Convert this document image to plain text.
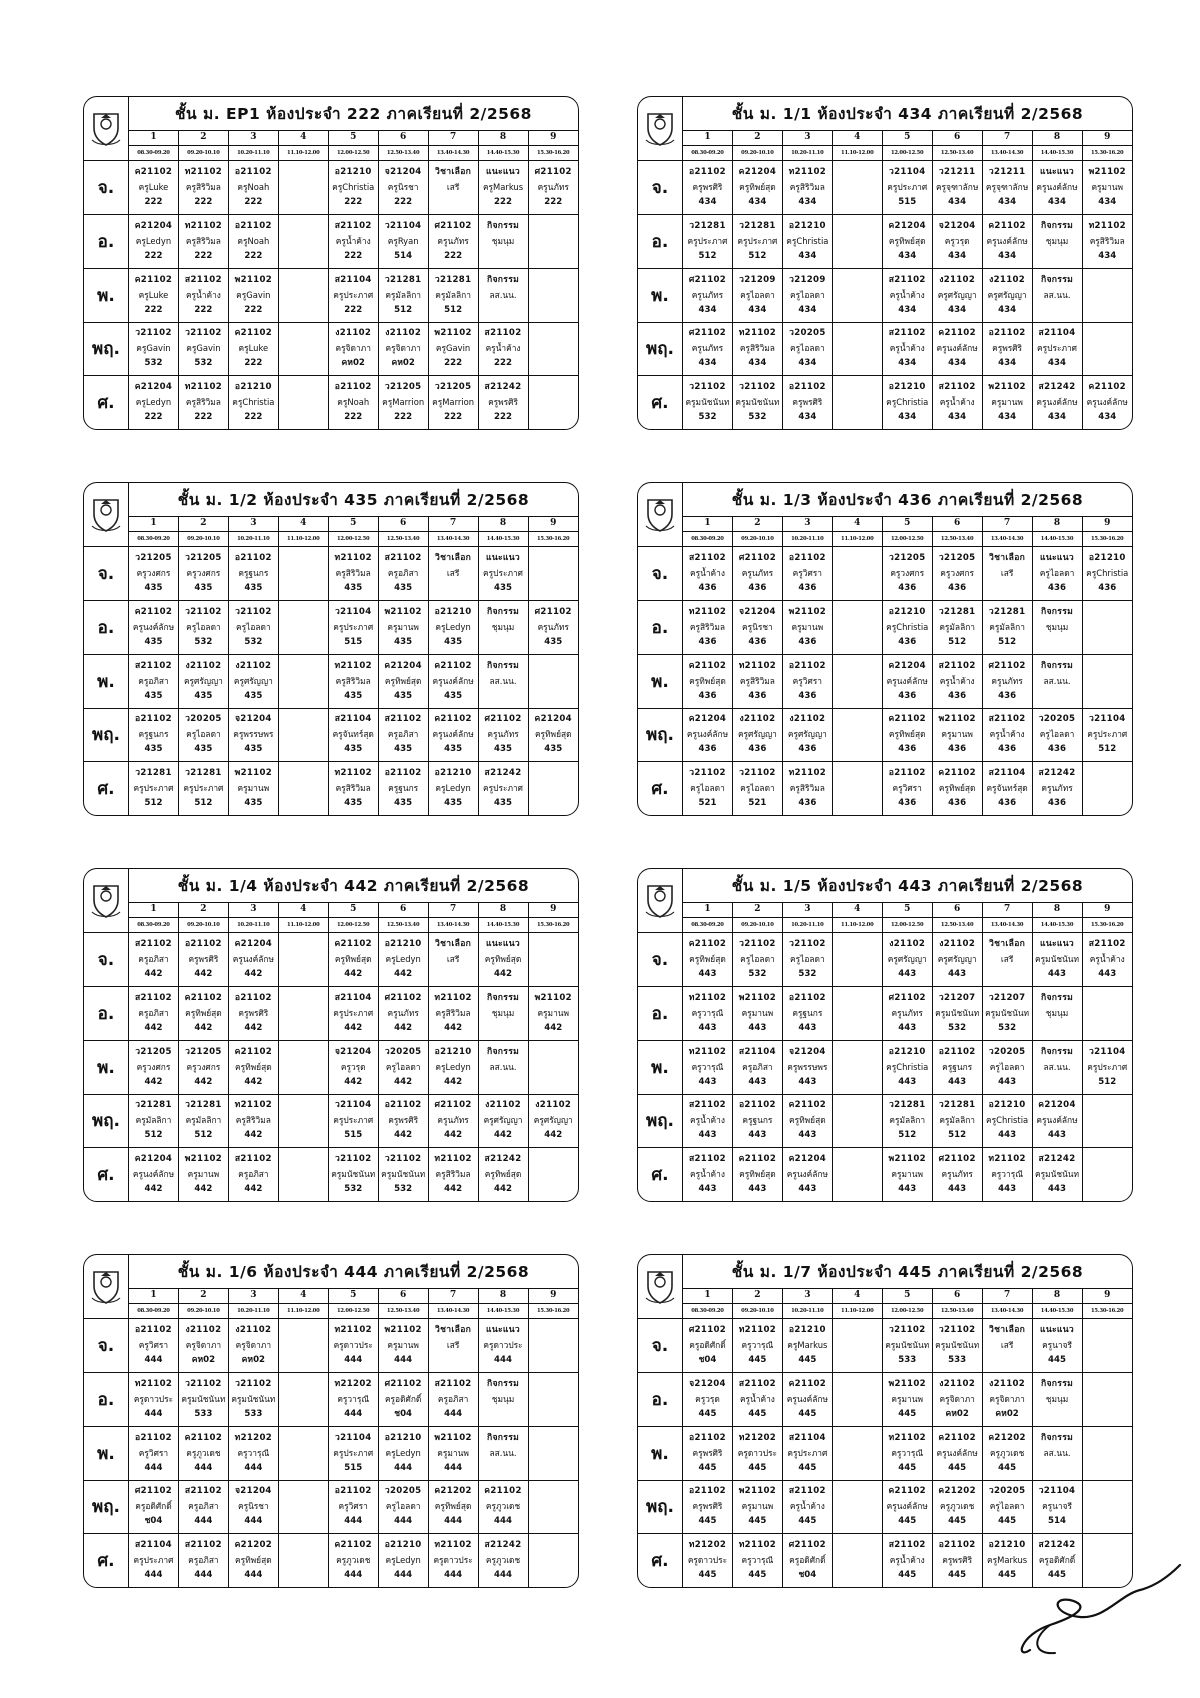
	ชั้น ม. EP1 ห้องประจำ 222 ภาคเรียนที่ 2/2568								
	1	2	3	4	5	6	7	8	9
	08.30-09.20	09.20-10.10	10.20-11.10	11.10-12.00	12.00-12.50	12.50-13.40	13.40-14.30	14.40-15.30	15.30-16.20
จ.	ค21102
ครูLuke
222	ท21102
ครูสิริวิมล
222	อ21102
ครูNoah
222		อ21210
ครูChristia
222	จ21204
ครูนิรชา
222	วิชาเลือก
เสรี	แนะแนว
ครูMarkus
222	ศ21102
ครูนภัทร
222

อ.	ค21204
ครูLedyn
222	ท21102
ครูสิริวิมล
222	อ21102
ครูNoah
222		ส21102
ครูน้ำค้าง
222	ว21104
ครูRyan
514	ศ21102
ครูนภัทร
222	กิจกรรม
ชุมนุม	

พ.	ค21102
ครูLuke
222	ส21102
ครูน้ำค้าง
222	พ21102
ครูGavin
222		ส21104
ครูประภาศ
222	ว21281
ครูมัลลิกา
512	ว21281
ครูมัลลิกา
512	กิจกรรม
ลส.นน.	

พฤ.	ว21102
ครูGavin
532	ว21102
ครูGavin
532	ค21102
ครูLuke
222		ง21102
ครูจิดาภา
คห02	ง21102
ครูจิดาภา
คห02	พ21102
ครูGavin
222	ส21102
ครูน้ำค้าง
222	

ศ.	ค21204
ครูLedyn
222	ท21102
ครูสิริวิมล
222	อ21210
ครูChristia
222		อ21102
ครูNoah
222	ว21205
ครูMarrion
222	ว21205
ครูMarrion
222	ส21242
ครูพรศิริ
222	

	ชั้น ม. 1/1 ห้องประจำ 434 ภาคเรียนที่ 2/2568								
	1	2	3	4	5	6	7	8	9
	08.30-09.20	09.20-10.10	10.20-11.10	11.10-12.00	12.00-12.50	12.50-13.40	13.40-14.30	14.40-15.30	15.30-16.20
จ.	อ21102
ครูพรศิริ
434	ค21204
ครูทิพย์สุด
434	ท21102
ครูสิริวิมล
434		ว21104
ครูประภาศ
515	ว21211
ครูจุฑาลักษ
434	ว21211
ครูจุฑาลักษ
434	แนะแนว
ครูนงค์ลักษ
434	พ21102
ครูมานพ
434

อ.	ว21281
ครูประภาศ
512	ว21281
ครูประภาศ
512	อ21210
ครูChristia
434		ค21204
ครูทิพย์สุด
434	จ21204
ครูวรุด
434	ค21102
ครูนงค์ลักษ
434	กิจกรรม
ชุมนุม	ท21102
ครูสิริวิมล
434

พ.	ศ21102
ครูนภัทร
434	ว21209
ครูไอลดา
434	ว21209
ครูไอลดา
434		ส21102
ครูน้ำค้าง
434	ง21102
ครูศรัญญา
434	ง21102
ครูศรัญญา
434	กิจกรรม
ลส.นน.	

พฤ.	ศ21102
ครูนภัทร
434	ท21102
ครูสิริวิมล
434	ว20205
ครูไอลดา
434		ส21102
ครูน้ำค้าง
434	ค21102
ครูนงค์ลักษ
434	อ21102
ครูพรศิริ
434	ส21104
ครูประภาศ
434	

ศ.	ว21102
ครูมนัชนันท
532	ว21102
ครูมนัชนันท
532	อ21102
ครูพรศิริ
434		อ21210
ครูChristia
434	ส21102
ครูน้ำค้าง
434	พ21102
ครูมานพ
434	ส21242
ครูนงค์ลักษ
434	ค21102
ครูนงค์ลักษ
434
	ชั้น ม. 1/2 ห้องประจำ 435 ภาคเรียนที่ 2/2568								
	1	2	3	4	5	6	7	8	9
	08.30-09.20	09.20-10.10	10.20-11.10	11.10-12.00	12.00-12.50	12.50-13.40	13.40-14.30	14.40-15.30	15.30-16.20
จ.	ว21205
ครูวงศกร
435	ว21205
ครูวงศกร
435	อ21102
ครูฐนกร
435		ท21102
ครูสิริวิมล
435	ส21102
ครูอภิสา
435	วิชาเลือก
เสรี	แนะแนว
ครูประภาศ
435	

อ.	ค21102
ครูนงค์ลักษ
435	ว21102
ครูไอลดา
532	ว21102
ครูไอลดา
532		ว21104
ครูประภาศ
515	พ21102
ครูมานพ
435	อ21210
ครูLedyn
435	กิจกรรม
ชุมนุม	ศ21102
ครูนภัทร
435

พ.	ส21102
ครูอภิสา
435	ง21102
ครูศรัญญา
435	ง21102
ครูศรัญญา
435		ท21102
ครูสิริวิมล
435	ค21204
ครูทิพย์สุด
435	ค21102
ครูนงค์ลักษ
435	กิจกรรม
ลส.นน.	

พฤ.	อ21102
ครูฐนกร
435	ว20205
ครูไอลดา
435	จ21204
ครูพรรษพร
435		ส21104
ครูจันทร์สุด
435	ส21102
ครูอภิสา
435	ค21102
ครูนงค์ลักษ
435	ศ21102
ครูนภัทร
435	ค21204
ครูทิพย์สุด
435

ศ.	ว21281
ครูประภาศ
512	ว21281
ครูประภาศ
512	พ21102
ครูมานพ
435		ท21102
ครูสิริวิมล
435	อ21102
ครูฐนกร
435	อ21210
ครูLedyn
435	ส21242
ครูประภาศ
435	

	ชั้น ม. 1/3 ห้องประจำ 436 ภาคเรียนที่ 2/2568								
	1	2	3	4	5	6	7	8	9
	08.30-09.20	09.20-10.10	10.20-11.10	11.10-12.00	12.00-12.50	12.50-13.40	13.40-14.30	14.40-15.30	15.30-16.20
จ.	ส21102
ครูน้ำค้าง
436	ศ21102
ครูนภัทร
436	อ21102
ครูวิศรา
436		ว21205
ครูวงศกร
436	ว21205
ครูวงศกร
436	วิชาเลือก
เสรี	แนะแนว
ครูไอลดา
436	อ21210
ครูChristia
436

อ.	ท21102
ครูสิริวิมล
436	จ21204
ครูนิรชา
436	พ21102
ครูมานพ
436		อ21210
ครูChristia
436	ว21281
ครูมัลลิกา
512	ว21281
ครูมัลลิกา
512	กิจกรรม
ชุมนุม	

พ.	ค21102
ครูทิพย์สุด
436	ท21102
ครูสิริวิมล
436	อ21102
ครูวิศรา
436		ค21204
ครูนงค์ลักษ
436	ส21102
ครูน้ำค้าง
436	ศ21102
ครูนภัทร
436	กิจกรรม
ลส.นน.	

พฤ.	ค21204
ครูนงค์ลักษ
436	ง21102
ครูศรัญญา
436	ง21102
ครูศรัญญา
436		ค21102
ครูทิพย์สุด
436	พ21102
ครูมานพ
436	ส21102
ครูน้ำค้าง
436	ว20205
ครูไอลดา
436	ว21104
ครูประภาศ
512

ศ.	ว21102
ครูไอลดา
521	ว21102
ครูไอลดา
521	ท21102
ครูสิริวิมล
436		อ21102
ครูวิศรา
436	ค21102
ครูทิพย์สุด
436	ส21104
ครูจันทร์สุด
436	ส21242
ครูนภัทร
436	

	ชั้น ม. 1/4 ห้องประจำ 442 ภาคเรียนที่ 2/2568								
	1	2	3	4	5	6	7	8	9
	08.30-09.20	09.20-10.10	10.20-11.10	11.10-12.00	12.00-12.50	12.50-13.40	13.40-14.30	14.40-15.30	15.30-16.20
จ.	ส21102
ครูอภิสา
442	อ21102
ครูพรศิริ
442	ค21204
ครูนงค์ลักษ
442		ค21102
ครูทิพย์สุด
442	อ21210
ครูLedyn
442	วิชาเลือก
เสรี	แนะแนว
ครูทิพย์สุด
442	

อ.	ส21102
ครูอภิสา
442	ค21102
ครูทิพย์สุด
442	อ21102
ครูพรศิริ
442		ส21104
ครูประภาศ
442	ศ21102
ครูนภัทร
442	ท21102
ครูสิริวิมล
442	กิจกรรม
ชุมนุม	พ21102
ครูมานพ
442

พ.	ว21205
ครูวงศกร
442	ว21205
ครูวงศกร
442	ค21102
ครูทิพย์สุด
442		จ21204
ครูวรุด
442	ว20205
ครูไอลดา
442	อ21210
ครูLedyn
442	กิจกรรม
ลส.นน.	

พฤ.	ว21281
ครูมัลลิกา
512	ว21281
ครูมัลลิกา
512	ท21102
ครูสิริวิมล
442		ว21104
ครูประภาศ
515	อ21102
ครูพรศิริ
442	ศ21102
ครูนภัทร
442	ง21102
ครูศรัญญา
442	ง21102
ครูศรัญญา
442

ศ.	ค21204
ครูนงค์ลักษ
442	พ21102
ครูมานพ
442	ส21102
ครูอภิสา
442		ว21102
ครูมนัชนันท
532	ว21102
ครูมนัชนันท
532	ท21102
ครูสิริวิมล
442	ส21242
ครูทิพย์สุด
442	

	ชั้น ม. 1/5 ห้องประจำ 443 ภาคเรียนที่ 2/2568								
	1	2	3	4	5	6	7	8	9
	08.30-09.20	09.20-10.10	10.20-11.10	11.10-12.00	12.00-12.50	12.50-13.40	13.40-14.30	14.40-15.30	15.30-16.20
จ.	ค21102
ครูทิพย์สุด
443	ว21102
ครูไอลดา
532	ว21102
ครูไอลดา
532		ง21102
ครูศรัญญา
443	ง21102
ครูศรัญญา
443	วิชาเลือก
เสรี	แนะแนว
ครูมนัชนันท
443	ส21102
ครูน้ำค้าง
443

อ.	ท21102
ครูวารุณี
443	พ21102
ครูมานพ
443	อ21102
ครูฐนกร
443		ศ21102
ครูนภัทร
443	ว21207
ครูมนัชนันท
532	ว21207
ครูมนัชนันท
532	กิจกรรม
ชุมนุม	

พ.	ท21102
ครูวารุณี
443	ส21104
ครูอภิสา
443	จ21204
ครูพรรษพร
443		อ21210
ครูChristia
443	อ21102
ครูฐนกร
443	ว20205
ครูไอลดา
443	กิจกรรม
ลส.นน.	ว21104
ครูประภาศ
512

พฤ.	ส21102
ครูน้ำค้าง
443	อ21102
ครูฐนกร
443	ค21102
ครูทิพย์สุด
443		ว21281
ครูมัลลิกา
512	ว21281
ครูมัลลิกา
512	อ21210
ครูChristia
443	ค21204
ครูนงค์ลักษ
443	

ศ.	ส21102
ครูน้ำค้าง
443	ค21102
ครูทิพย์สุด
443	ค21204
ครูนงค์ลักษ
443		พ21102
ครูมานพ
443	ศ21102
ครูนภัทร
443	ท21102
ครูวารุณี
443	ส21242
ครูมนัชนันท
443	

	ชั้น ม. 1/6 ห้องประจำ 444 ภาคเรียนที่ 2/2568								
	1	2	3	4	5	6	7	8	9
	08.30-09.20	09.20-10.10	10.20-11.10	11.10-12.00	12.00-12.50	12.50-13.40	13.40-14.30	14.40-15.30	15.30-16.20
จ.	อ21102
ครูวิศรา
444	ง21102
ครูจิดาภา
คห02	ง21102
ครูจิดาภา
คห02		ท21102
ครูดาวประ
444	พ21102
ครูมานพ
444	วิชาเลือก
เสรี	แนะแนว
ครูดาวประ
444	

อ.	ท21102
ครูดาวประ
444	ว21102
ครูมนัชนันท
533	ว21102
ครูมนัชนันท
533		ท21202
ครูวารุณี
444	ศ21102
ครูอดิศักดิ์
ช04	ส21102
ครูอภิสา
444	กิจกรรม
ชุมนุม	

พ.	อ21102
ครูวิศรา
444	ค21102
ครูภูวเดช
444	ท21202
ครูวารุณี
444		ว21104
ครูประภาศ
515	อ21210
ครูLedyn
444	พ21102
ครูมานพ
444	กิจกรรม
ลส.นน.	

พฤ.	ศ21102
ครูอดิศักดิ์
ช04	ส21102
ครูอภิสา
444	จ21204
ครูนิรชา
444		อ21102
ครูวิศรา
444	ว20205
ครูไอลดา
444	ค21202
ครูทิพย์สุด
444	ค21102
ครูภูวเดช
444	

ศ.	ส21104
ครูประภาศ
444	ส21102
ครูอภิสา
444	ค21202
ครูทิพย์สุด
444		ค21102
ครูภูวเดช
444	อ21210
ครูLedyn
444	ท21102
ครูดาวประ
444	ส21242
ครูภูวเดช
444	

	ชั้น ม. 1/7 ห้องประจำ 445 ภาคเรียนที่ 2/2568								
	1	2	3	4	5	6	7	8	9
	08.30-09.20	09.20-10.10	10.20-11.10	11.10-12.00	12.00-12.50	12.50-13.40	13.40-14.30	14.40-15.30	15.30-16.20
จ.	ศ21102
ครูอดิศักดิ์
ช04	ท21102
ครูวารุณี
445	อ21210
ครูMarkus
445		ว21102
ครูมนัชนันท
533	ว21102
ครูมนัชนันท
533	วิชาเลือก
เสรี	แนะแนว
ครูนาจรี
445	

อ.	จ21204
ครูวรุด
445	ส21102
ครูน้ำค้าง
445	ค21102
ครูนงค์ลักษ
445		พ21102
ครูมานพ
445	ง21102
ครูจิดาภา
คห02	ง21102
ครูจิดาภา
คห02	กิจกรรม
ชุมนุม	

พ.	อ21102
ครูพรศิริ
445	ท21202
ครูดาวประ
445	ส21104
ครูประภาศ
445		ท21102
ครูวารุณี
445	ค21102
ครูนงค์ลักษ
445	ค21202
ครูภูวเดช
445	กิจกรรม
ลส.นน.	

พฤ.	อ21102
ครูพรศิริ
445	พ21102
ครูมานพ
445	ส21102
ครูน้ำค้าง
445		ค21102
ครูนงค์ลักษ
445	ค21202
ครูภูวเดช
445	ว20205
ครูไอลดา
445	ว21104
ครูนาจรี
514	

ศ.	ท21202
ครูดาวประ
445	ท21102
ครูวารุณี
445	ศ21102
ครูอดิศักดิ์
ช04		ส21102
ครูน้ำค้าง
445	อ21102
ครูพรศิริ
445	อ21210
ครูMarkus
445	ส21242
ครูอดิศักดิ์
445	
